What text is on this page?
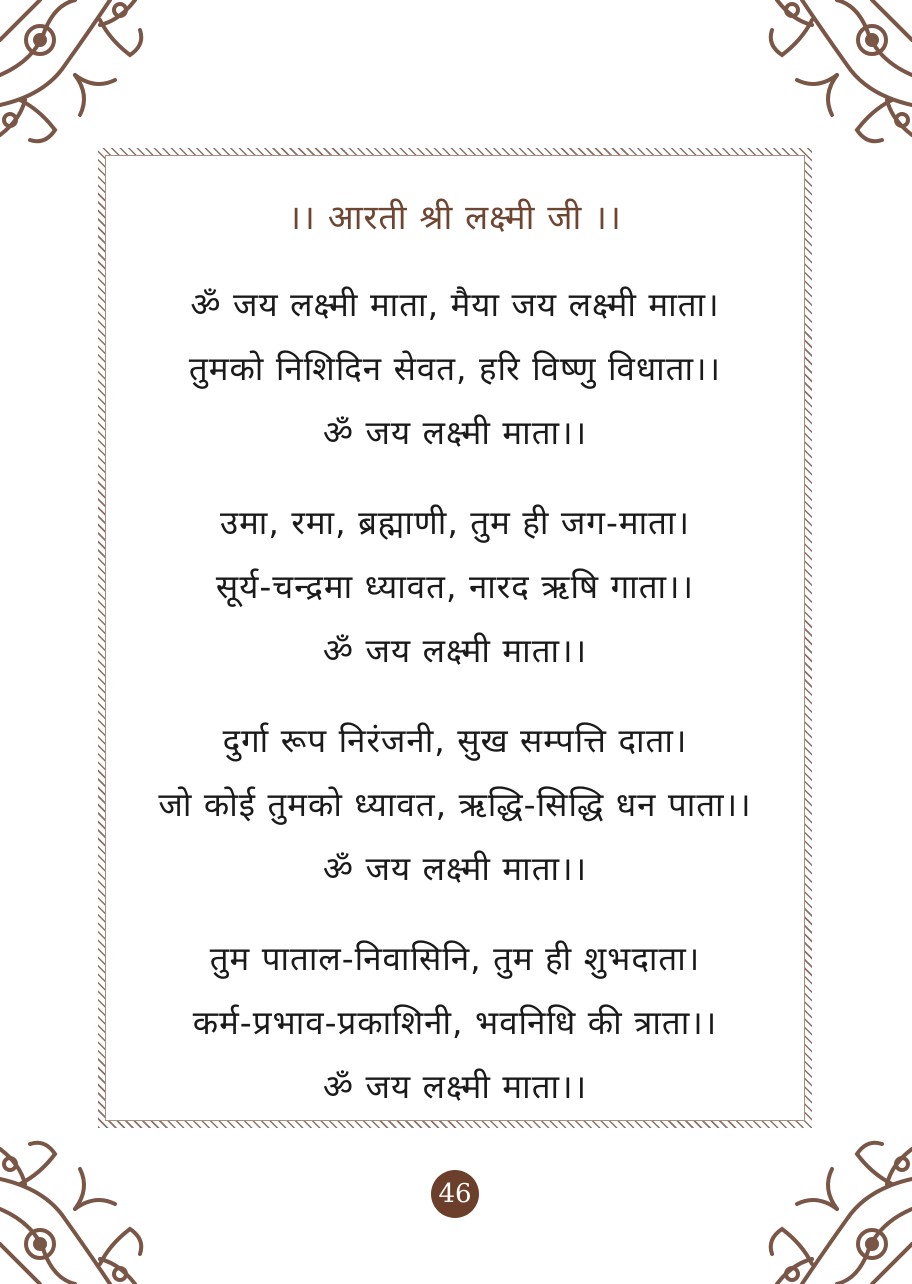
।। आरती श्री लक्ष्मी जी ।।
ॐ जय लक्ष्मी माता, मैया जय लक्ष्मी माता।
तुमको निशिदिन सेवत, हरि विष्णु विधाता।।
ॐ जय लक्ष्मी माता।।
उमा, रमा, ब्रह्माणी, तुम ही जग-माता।
सूर्य-चन्द्रमा ध्यावत, नारद ऋषि गाता।।
ॐ जय लक्ष्मी माता।।
दुर्गा रूप निरंजनी, सुख सम्पत्ति दाता।
जो कोई तुमको ध्यावत, ऋद्धि-सिद्धि धन पाता।।
ॐ जय लक्ष्मी माता।।
तुम पाताल-निवासिनि, तुम ही शुभदाता।
कर्म-प्रभाव-प्रकाशिनी, भवनिधि की त्राता।।
ॐ जय लक्ष्मी माता।।
46
